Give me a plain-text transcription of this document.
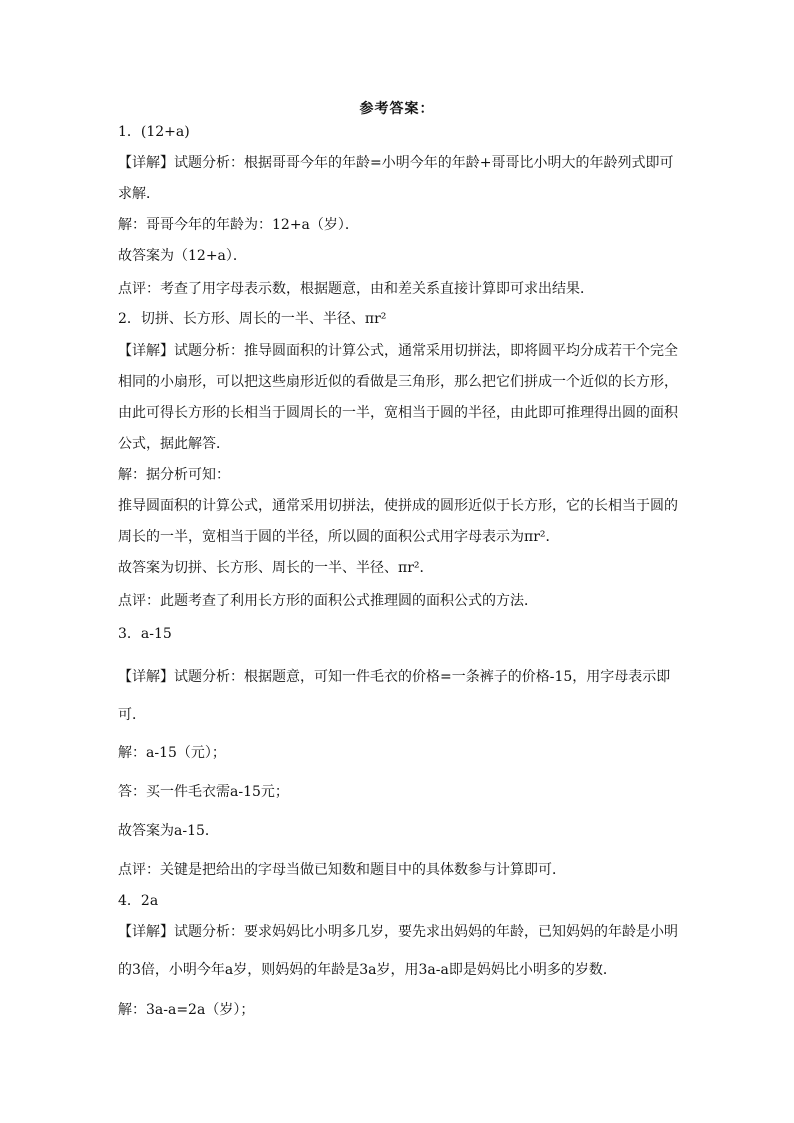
参考答案：
1．(12+a)
【详解】试题分析：根据哥哥今年的年龄=小明今年的年龄+哥哥比小明大的年龄列式即可
求解．
解：哥哥今年的年龄为：12+a（岁）．
故答案为（12+a）．
点评：考查了用字母表示数，根据题意，由和差关系直接计算即可求出结果．
2．切拼、长方形、周长的一半、半径、πr²
【详解】试题分析：推导圆面积的计算公式，通常采用切拼法，即将圆平均分成若干个完全
相同的小扇形，可以把这些扇形近似的看做是三角形，那么把它们拼成一个近似的长方形，
由此可得长方形的长相当于圆周长的一半，宽相当于圆的半径，由此即可推理得出圆的面积
公式，据此解答．
解：据分析可知：
推导圆面积的计算公式，通常采用切拼法，使拼成的圆形近似于长方形，它的长相当于圆的
周长的一半，宽相当于圆的半径，所以圆的面积公式用字母表示为πr²．
故答案为切拼、长方形、周长的一半、半径、πr²．
点评：此题考查了利用长方形的面积公式推理圆的面积公式的方法．
3．a-15
【详解】试题分析：根据题意，可知一件毛衣的价格=一条裤子的价格-15，用字母表示即
可．
解：a-15（元）；
答：买一件毛衣需a-15元；
故答案为a-15．
点评：关键是把给出的字母当做已知数和题目中的具体数参与计算即可．
4．2a
【详解】试题分析：要求妈妈比小明多几岁，要先求出妈妈的年龄，已知妈妈的年龄是小明
的3倍，小明今年a岁，则妈妈的年龄是3a岁，用3a-a即是妈妈比小明多的岁数．
解：3a-a=2a（岁）；
